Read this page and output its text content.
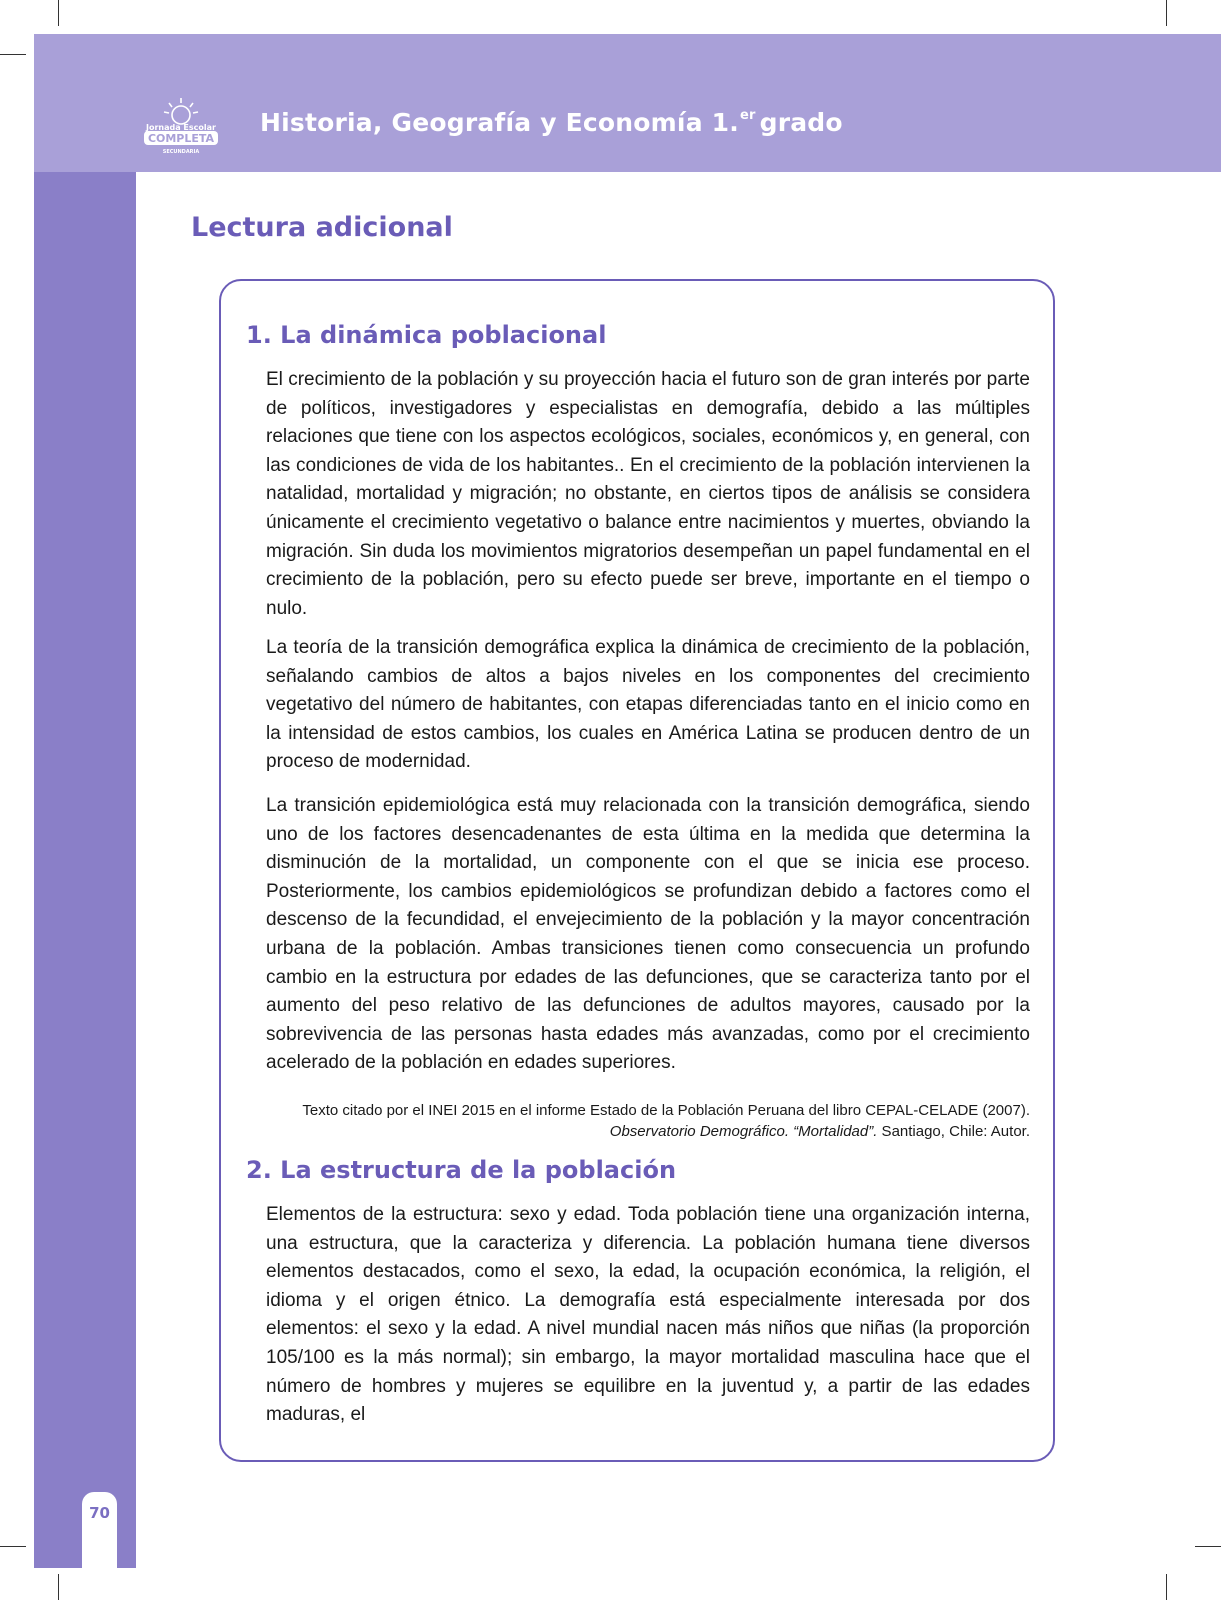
Jornada Escolar
COMPLETA
SECUNDARIA
Historia, Geografía y Economía 1.$^{er}$ grado
Lectura adicional
1. La dinámica poblacional

El crecimiento de la población y su proyección hacia el futuro son de gran interés por parte de políticos, investigadores y especialistas en demografía, debido a las múltiples relaciones que tiene con los aspectos ecológicos, sociales, económicos y, en general, con las condiciones de vida de los habitantes.. En el crecimiento de la población intervienen la natalidad, mortalidad y migración; no obstante, en ciertos tipos de análisis se considera únicamente el crecimiento vegetativo o balance entre nacimientos y muertes, obviando la migración. Sin duda los movimientos migratorios desempeñan un papel fundamental en el crecimiento de la población, pero su efecto puede ser breve, importante en el tiempo o nulo.

La teoría de la transición demográfica explica la dinámica de crecimiento de la población, señalando cambios de altos a bajos niveles en los componentes del crecimiento vegetativo del número de habitantes, con etapas diferenciadas tanto en el inicio como en la intensidad de estos cambios, los cuales en América Latina se producen dentro de un proceso de modernidad.

La transición epidemiológica está muy relacionada con la transición demográfica, siendo uno de los factores desencadenantes de esta última en la medida que determina la disminución de la mortalidad, un componente con el que se inicia ese proceso. Posteriormente, los cambios epidemiológicos se profundizan debido a factores como el descenso de la fecundidad, el envejecimiento de la población y la mayor concentración urbana de la población. Ambas transiciones tienen como consecuencia un profundo cambio en la estructura por edades de las defunciones, que se caracteriza tanto por el aumento del peso relativo de las defunciones de adultos mayores, causado por la sobrevivencia de las personas hasta edades más avanzadas, como por el crecimiento acelerado de la población en edades superiores.

Texto citado por el INEI 2015 en el informe Estado de la Población Peruana del libro CEPAL-CELADE (2007).
Observatorio Demográfico. “Mortalidad”. Santiago, Chile: Autor.

2. La estructura de la población

Elementos de la estructura: sexo y edad. Toda población tiene una organización interna, una estructura, que la caracteriza y diferencia. La población humana tiene diversos elementos destacados, como el sexo, la edad, la ocupación económica, la religión, el idioma y el origen étnico. La demografía está especialmente interesada por dos elementos: el sexo y la edad. A nivel mundial nacen más niños que niñas (la proporción 105/100 es la más normal); sin embargo, la mayor mortalidad masculina hace que el número de hombres y mujeres se equilibre en la juventud y, a partir de las edades maduras, el

70
